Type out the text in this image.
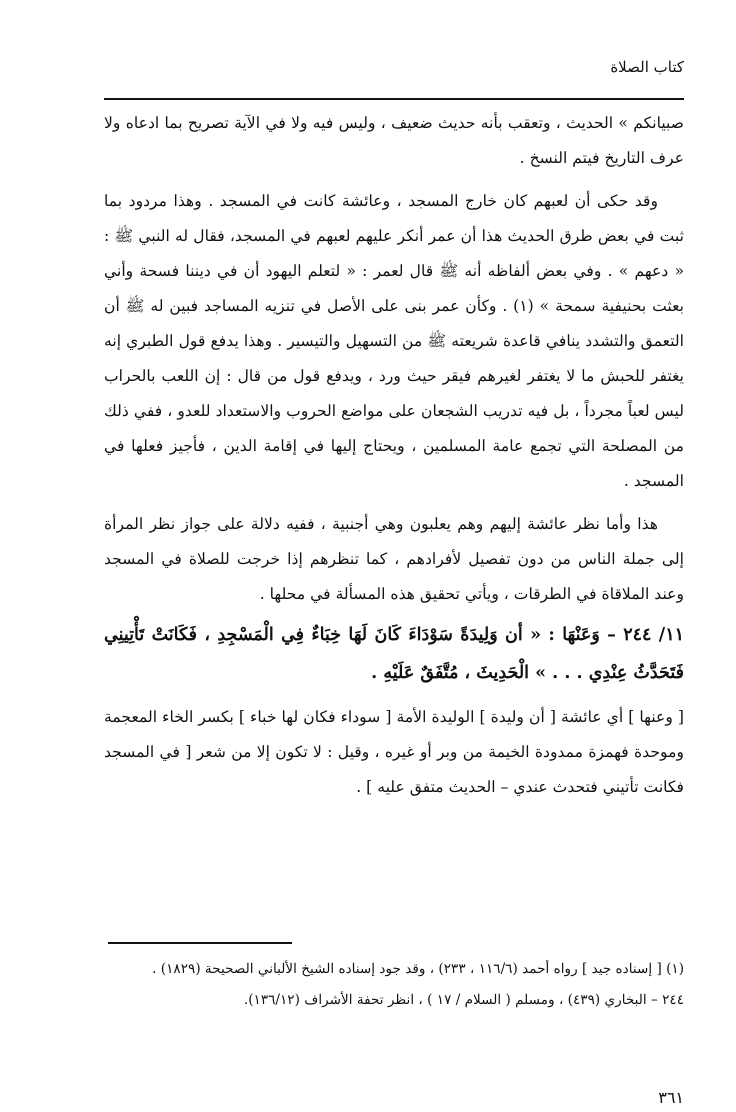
كتاب الصلاة

صبيانكم » الحديث ، وتعقب بأنه حديث ضعيف ، وليس فيه ولا في الآية تصريح بما ادعاه ولا عرف التاريخ فيتم النسخ .

وقد حكى أن لعبهم كان خارج المسجد ، وعائشة كانت في المسجد . وهذا مردود بما ثبت في بعض طرق الحديث هذا أن عمر أنكر عليهم لعبهم في المسجد، فقال له النبي ﷺ : « دعهم » . وفي بعض ألفاظه أنه ﷺ قال لعمر : « لتعلم اليهود أن في ديننا فسحة وأني بعثت بحنيفية سمحة » (١) . وكأن عمر بنى على الأصل في تنزيه المساجد فبين له ﷺ أن التعمق والتشدد ينافي قاعدة شريعته ﷺ من التسهيل والتيسير . وهذا يدفع قول الطبري إنه يغتفر للحبش ما لا يغتفر لغيرهم فيقر حيث ورد ، ويدفع قول من قال : إن اللعب بالحراب ليس لعباً مجرداً ، بل فيه تدريب الشجعان على مواضع الحروب والاستعداد للعدو ، ففي ذلك من المصلحة التي تجمع عامة المسلمين ، ويحتاج إليها في إقامة الدين ، فأجيز فعلها في المسجد .

هذا وأما نظر عائشة إليهم وهم يعلبون وهي أجنبية ، ففيه دلالة على جواز نظر المرأة إلى جملة الناس من دون تفصيل لأفرادهم ، كما تنظرهم إذا خرجت للصلاة في المسجد وعند الملاقاة في الطرقات ، ويأتي تحقيق هذه المسألة في محلها .

١١/ ٢٤٤ – وَعَنْهَا : « أن وَلِيدَةً سَوْدَاءَ كَانَ لَهَا خِبَاءٌ فِي الْمَسْجِدِ ، فَكَانَتْ تَأْتِينِي فَتَحَدَّثُ عِنْدِي . . . » الْحَدِيثَ ، مُتَّفَقٌ عَلَيْهِ .

[ وعنها ] أي عائشة [ أن وليدة ] الوليدة الأمة [ سوداء فكان لها خباء ] بكسر الخاء المعجمة وموحدة فهمزة ممدودة الخيمة من وبر أو غيره ، وقيل : لا تكون إلا من شعر [ في المسجد فكانت تأتيني فتحدث عندي – الحديث متفق عليه ] .

(١) [ إسناده جيد ] رواه أحمد (١١٦/٦ ، ٢٣٣) ، وقد جود إسناده الشيخ الألباني الصحيحة (١٨٢٩) .

٢٤٤ – البخاري (٤٣٩) ، ومسلم ( السلام / ١٧ ) ، انظر تحفة الأشراف (١٣٦/١٢).

٣٦١
